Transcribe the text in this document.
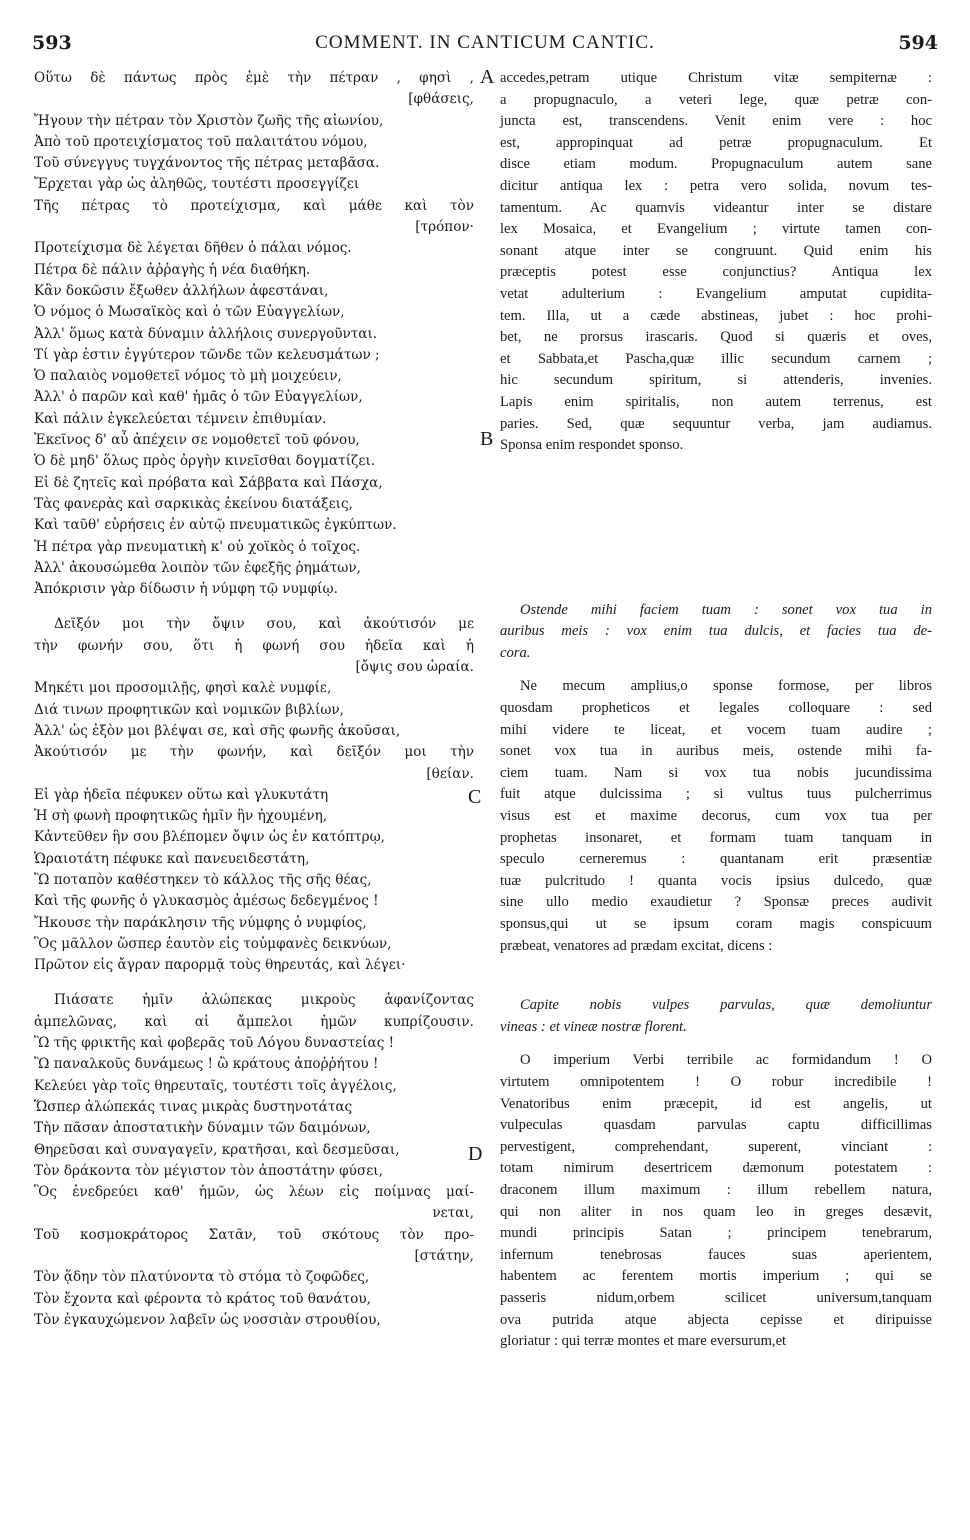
593	COMMENT. IN CANTICUM CANTIC.	594
Οὕτω δὲ πάντως πρὸς ἐμὲ τὴν πέτραν , φησὶ ,
[φθάσεις,
Ἤγουν τὴν πέτραν τὸν Χριστὸν ζωῆς τῆς αἰωνίου,
Ἀπὸ τοῦ προτειχίσματος τοῦ παλαιτάτου νόμου,
Τοῦ σύνεγγυς τυγχάνοντος τῆς πέτρας μεταβᾶσα.
Ἔρχεται γὰρ ὡς ἀληθῶς, τουτέστι προσεγγίζει
Τῆς πέτρας τὸ προτείχισμα, καὶ μάθε καὶ τὸν
[τρόπον·
Προτείχισμα δὲ λέγεται δῆθεν ὁ πάλαι νόμος.
Πέτρα δὲ πάλιν ἀῤῥαγὴς ἡ νέα διαθήκη.
Κἂν δοκῶσιν ἔξωθεν ἀλλήλων ἀφεστάναι,
Ὁ νόμος ὁ Μωσαϊκὸς καὶ ὁ τῶν Εὐαγγελίων,
Ἀλλ' ὅμως κατὰ δύναμιν ἀλλήλοις συνεργοῦνται.
Τί γὰρ ἐστιν ἐγγύτερον τῶνδε τῶν κελευσμάτων ;
Ὁ παλαιὸς νομοθετεῖ νόμος τὸ μὴ μοιχεύειν,
Ἀλλ' ὁ παρῶν καὶ καθ' ἡμᾶς ὁ τῶν Εὐαγγελίων,
Καὶ πάλιν ἐγκελεύεται τέμνειν ἐπιθυμίαν.
Ἐκεῖνος δ' αὖ ἀπέχειν σε νομοθετεῖ τοῦ φόνου,
Ὁ δὲ μηδ' ὅλως πρὸς ὀργὴν κινεῖσθαι δογματίζει.
Εἰ δὲ ζητεῖς καὶ πρόβατα καὶ Σάββατα καὶ Πάσχα,
Τὰς φανερὰς καὶ σαρκικὰς ἐκείνου διατάξεις,
Καὶ ταῦθ' εὑρήσεις ἐν αὐτῷ πνευματικῶς ἐγκύπτων.
Ἡ πέτρα γὰρ πνευματικὴ κ' οὐ χοϊκὸς ὁ τοῖχος.
Ἀλλ' ἀκουσώμεθα λοιπὸν τῶν ἐφεξῆς ῥημάτων,
Ἀπόκρισιν γὰρ δίδωσιν ἡ νύμφη τῷ νυμφίῳ.
Δεῖξόν μοι τὴν ὄψιν σου, καὶ ἀκούτισόν με
τὴν φωνήν σου, ὅτι ἡ φωνή σου ἡδεῖα καὶ ἡ
[ὄψις σου ὡραία.
Μηκέτι μοι προσομιλῇς, φησὶ καλὲ νυμφίε,
Διά τινων προφητικῶν καὶ νομικῶν βιβλίων,
Ἀλλ' ὡς ἐξὸν μοι βλέψαι σε, καὶ σῆς φωνῆς ἀκοῦσαι,
Ἀκούτισόν με τὴν φωνήν, καὶ δεῖξόν μοι τὴν
[θείαν.
Εἰ γὰρ ἡδεῖα πέφυκεν οὕτω καὶ γλυκυτάτη
Ἡ σὴ φωνὴ προφητικῶς ἡμῖν ἣν ἠχουμένη,
Κἀντεῦθεν ἣν σου βλέπομεν ὄψιν ὡς ἐν κατόπτρῳ,
Ὡραιοτάτη πέφυκε καὶ πανευειδεστάτη,
Ὢ ποταπὸν καθέστηκεν τὸ κάλλος τῆς σῆς θέας,
Καὶ τῆς φωνῆς ὁ γλυκασμὸς ἀμέσως δεδεγμένος !
Ἤκουσε τὴν παράκλησιν τῆς νύμφης ὁ νυμφίος,
Ὃς μᾶλλον ὥσπερ ἑαυτὸν εἰς τοὐμφανὲς δεικνύων,
Πρῶτον εἰς ἄγραν παρορμᾷ τοὺς θηρευτάς, καὶ λέγει·
Πιάσατε ἡμῖν ἀλώπεκας μικροὺς ἀφανίζοντας
ἀμπελῶνας, καὶ αἱ ἄμπελοι ἡμῶν κυπρίζουσιν.
Ὢ τῆς φρικτῆς καὶ φοβερᾶς τοῦ Λόγου δυναστείας !
Ὢ παναλκοῦς δυνάμεως ! ὢ κράτους ἀποῤῥήτου !
Κελεύει γὰρ τοῖς θηρευταῖς, τουτέστι τοῖς ἀγγέλοις,
Ὥσπερ ἀλώπεκάς τινας μικρὰς δυστηνοτάτας
Τὴν πᾶσαν ἀποστατικὴν δύναμιν τῶν δαιμόνων,
Θηρεῦσαι καὶ συναγαγεῖν, κρατῆσαι, καὶ δεσμεῦσαι,
Τὸν δράκοντα τὸν μέγιστον τὸν ἀποστάτην φύσει,
Ὃς ἐνεδρεύει καθ' ἡμῶν, ὡς λέων εἰς ποίμνας μαί-
νεται,
Τοῦ κοσμοκράτορος Σατᾶν, τοῦ σκότους τὸν προ-
[στάτην,
Τὸν ᾅδην τὸν πλατύνοντα τὸ στόμα τὸ ζοφῶδες,
Τὸν ἔχοντα καὶ φέροντα τὸ κράτος τοῦ θανάτου,
Τὸν ἐγκαυχώμενον λαβεῖν ὡς νοσσιὰν στρουθίου,
accedes,petram utique Christum vitæ sempiternæ :
a propugnaculo, a veteri lege, quæ petræ con-
juncta est, transcendens. Venit enim vere : hoc
est, appropinquat ad petræ propugnaculum. Et
disce etiam modum. Propugnaculum autem sane
dicitur antiqua lex : petra vero solida, novum tes-
tamentum. Ac quamvis videantur inter se distare
lex Mosaica, et Evangelium ; virtute tamen con-
sonant atque inter se congruunt. Quid enim his
præceptis potest esse conjunctius? Antiqua lex
vetat adulterium : Evangelium amputat cupidita-
tem. Illa, ut a cæde abstineas, jubet : hoc prohi-
bet, ne prorsus irascaris. Quod si quæris et oves,
et Sabbata,et Pascha,quæ illic secundum carnem ;
hic secundum spiritum, si attenderis, invenies.
Lapis enim spiritalis, non autem terrenus, est
paries. Sed, quæ sequuntur verba, jam audiamus.
Sponsa enim respondet sponso.
Ostende mihi faciem tuam : sonet vox tua in
auribus meis : vox enim tua dulcis, et facies tua de-
cora.
Ne mecum amplius,o sponse formose, per libros
quosdam propheticos et legales colloquare : sed
mihi videre te liceat, et vocem tuam audire ;
sonet vox tua in auribus meis, ostende mihi fa-
ciem tuam. Nam si vox tua nobis jucundissima
fuit atque dulcissima ; si vultus tuus pulcherrimus
visus est et maxime decorus, cum vox tua per
prophetas insonaret, et formam tuam tanquam in
speculo cerneremus : quantanam erit præsentiæ
tuæ pulcritudo ! quanta vocis ipsius dulcedo, quæ
sine ullo medio exaudietur ? Sponsæ preces audivit
sponsus,qui ut se ipsum coram magis conspicuum
præbeat, venatores ad prædam excitat, dicens :
Capite nobis vulpes parvulas, quæ demoliuntur
vineas : et vineæ nostræ florent.
O imperium Verbi terribile ac formidandum ! O
virtutem omnipotentem ! O robur incredibile !
Venatoribus enim præcepit, id est angelis, ut
vulpeculas quasdam parvulas captu difficillimas
pervestigent, comprehendant, superent, vinciant :
totam nimirum desertricem dæmonum potestatem :
draconem illum maximum : illum rebellem natura,
qui non aliter in nos quam leo in greges desævit,
mundi principis Satan ; principem tenebrarum,
infernum tenebrosas fauces suas aperientem,
habentem ac ferentem mortis imperium ; qui se
passeris nidum,orbem scilicet universum,tanquam
ova putrida atque abjecta cepisse et diripuisse
gloriatur : qui terræ montes et mare eversurum,et
A
B
C
D
